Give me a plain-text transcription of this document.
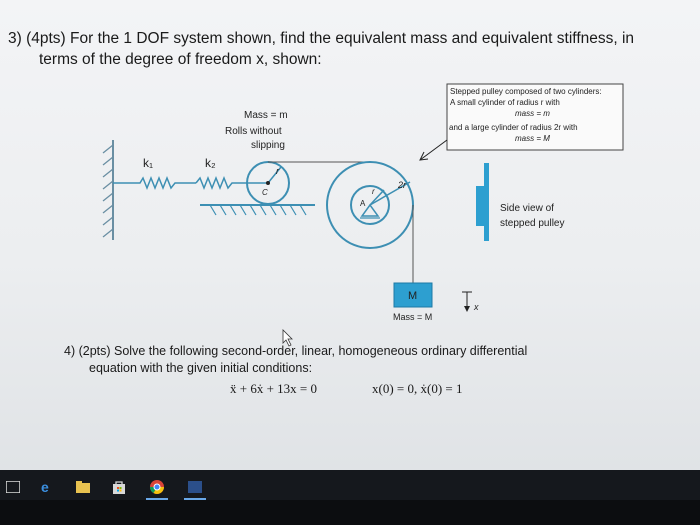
3) (4pts) For the 1 DOF system shown, find the equivalent mass and equivalent stiffness, in
terms of the degree of freedom x, shown:
k₁	k₂
r
C
Mass = m
Rolls without
slipping
r
A
2r
M
Mass = M
x
Stepped pulley composed of two cylinders:
A small cylinder of radius r with
mass = m
and a large cylinder of radius 2r with
mass = M
Side view of
stepped pulley
4) (2pts) Solve the following second-order, linear, homogeneous ordinary differential
equation with the given initial conditions:
ẍ + 6ẋ + 13x = 0	x(0) = 0, ẋ(0) = 1
e
